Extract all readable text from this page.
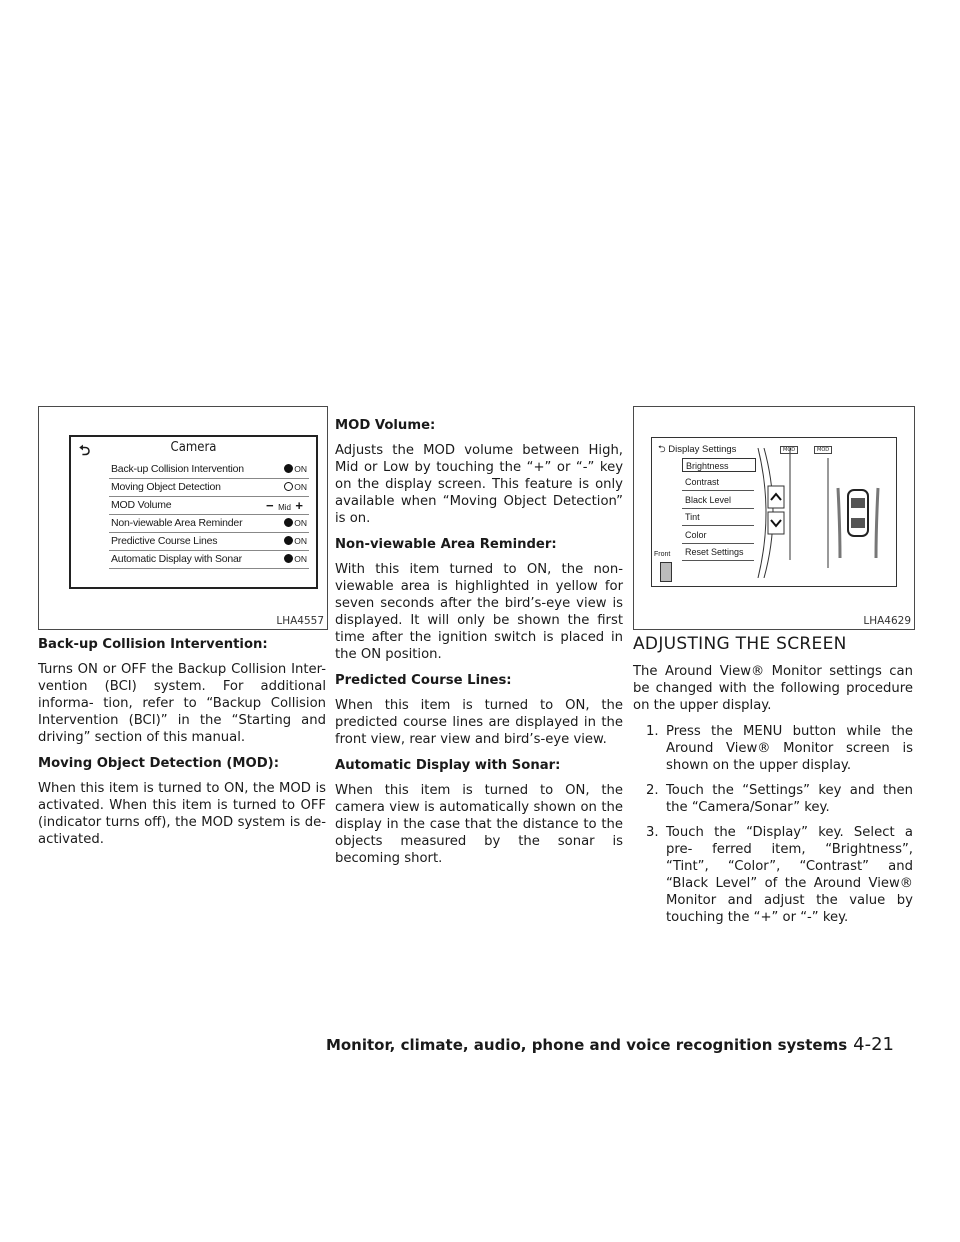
⮌	Camera
Back-up Collision Intervention	ON
Moving Object Detection	ON
MOD Volume	− Mid +
Non-viewable Area Reminder	ON
Predictive Course Lines	ON
Automatic Display with Sonar	ON
LHA4557
⮌ Display Settings
Brightness
Contrast
Black Level
Tint
Color
Reset Settings
Front
MOD	MOD
LHA4629
Back-up Collision Intervention:

Turns ON or OFF the Backup Collision Inter- vention (BCI) system. For additional informa- tion, refer to “Backup Collision Intervention (BCI)” in the “Starting and driving” section of this manual.

Moving Object Detection (MOD):

When this item is turned to ON, the MOD is activated. When this item is turned to OFF (indicator turns off), the MOD system is de- activated.

MOD Volume:

Adjusts the MOD volume between High, Mid or Low by touching the “+” or “-” key on the display screen. This feature is only available when “Moving Object Detection” is on.

Non-viewable Area Reminder:

With this item turned to ON, the non- viewable area is highlighted in yellow for seven seconds after the bird’s-eye view is displayed. It will only be shown the first time after the ignition switch is placed in the ON position.

Predicted Course Lines:

When this item is turned to ON, the predicted course lines are displayed in the front view, rear view and bird’s-eye view.

Automatic Display with Sonar:

When this item is turned to ON, the camera view is automatically shown on the display in the case that the distance to the objects measured by the sonar is becoming short.

ADJUSTING THE SCREEN

The Around View® Monitor settings can be changed with the following procedure on the upper display.

1. Press the MENU button while the Around View® Monitor screen is shown on the upper display.
2. Touch the “Settings” key and then the “Camera/Sonar” key.
3. Touch the “Display” key. Select a pre- ferred item, “Brightness”, “Tint”, “Color”, “Contrast” and “Black Level” of the Around View® Monitor and adjust the value by touching the “+” or “-” key.
Monitor, climate, audio, phone and voice recognition systems 4-21
